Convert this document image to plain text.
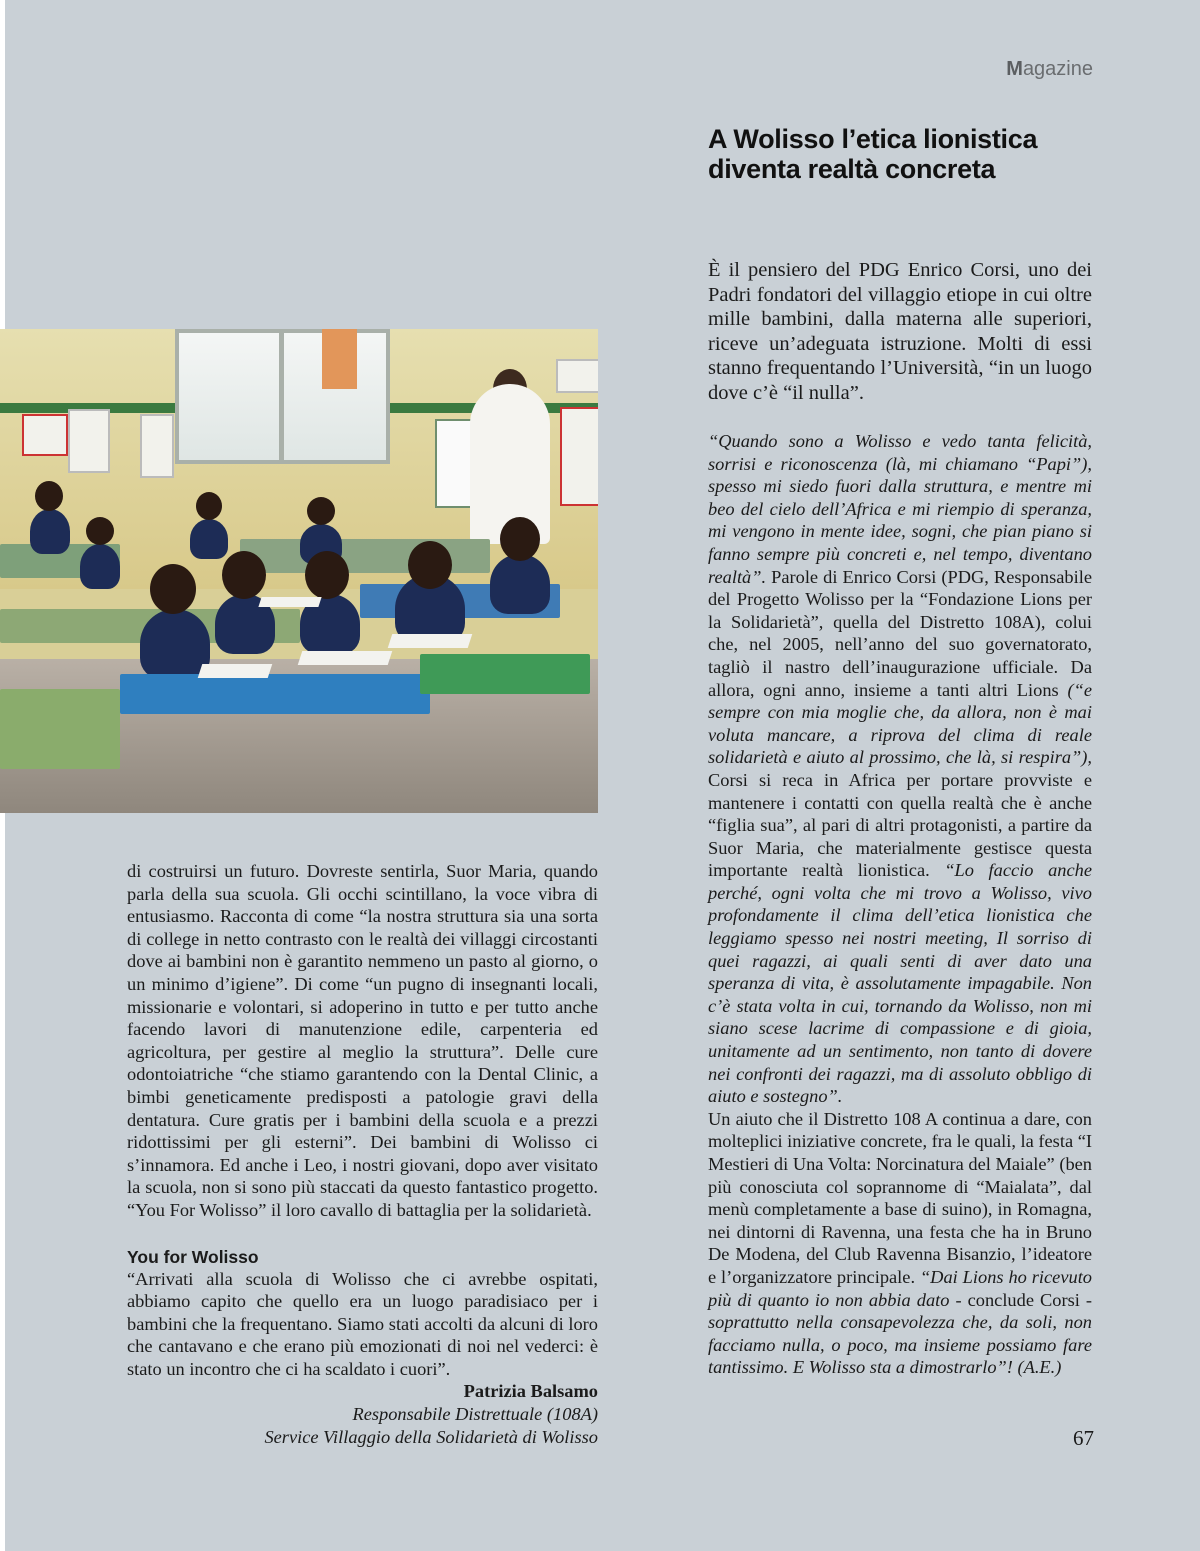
Magazine
A Wolisso l’etica lionistica
diventa realtà concreta

È il pensiero del PDG Enrico Corsi, uno dei Padri fondatori del villaggio etiope in cui oltre mille bambini, dalla materna alle superiori, riceve un’adeguata istruzione. Molti di essi stanno frequentando l’Università, “in un luogo dove c’è “il nulla”.

“Quando sono a Wolisso e vedo tanta felicità, sorrisi e riconoscenza (là, mi chiamano “Papi”), spesso mi siedo fuori dalla struttura, e mentre mi beo del cielo dell’Africa e mi riempio di speranza, mi vengono in mente idee, sogni, che pian piano si fanno sempre più concreti e, nel tempo, diventano realtà”. Parole di Enrico Corsi (PDG, Responsabile del Progetto Wolisso per la “Fondazione Lions per la Solidarietà”, quella del Distretto 108A), colui che, nel 2005, nell’anno del suo governatorato, tagliò il nastro dell’inaugurazione ufficiale. Da allora, ogni anno, insieme a tanti altri Lions (“e sempre con mia moglie che, da allora, non è mai voluta mancare, a riprova del clima di reale solidarietà e aiuto al prossimo, che là, si respira”), Corsi si reca in Africa per portare provviste e mantenere i contatti con quella realtà che è anche “figlia sua”, al pari di altri protagonisti, a partire da Suor Maria, che materialmente gestisce questa importante realtà lionistica. “Lo faccio anche perché, ogni volta che mi trovo a Wolisso, vivo profondamente il clima dell’etica lionistica che leggiamo spesso nei nostri meeting, Il sorriso di quei ragazzi, ai quali senti di aver dato una speranza di vita, è assolutamente impagabile. Non c’è stata volta in cui, tornando da Wolisso, non mi siano scese lacrime di compassione e di gioia, unitamente ad un sentimento, non tanto di dovere nei confronti dei ragazzi, ma di assoluto obbligo di aiuto e sostegno”.

Un aiuto che il Distretto 108 A continua a dare, con molteplici iniziative concrete, fra le quali, la festa “I Mestieri di Una Volta: Norcinatura del Maiale” (ben più conosciuta col soprannome di “Maialata”, dal menù completamente a base di suino), in Romagna, nei dintorni di Ravenna, una festa che ha in Bruno De Modena, del Club Ravenna Bisanzio, l’ideatore e l’organizzatore principale. “Dai Lions ho ricevuto più di quanto io non abbia dato - conclude Corsi - soprattutto nella consapevolezza che, da soli, non facciamo nulla, o poco, ma insieme possiamo fare tantissimo. E Wolisso sta a dimostrarlo”! (A.E.)

di costruirsi un futuro. Dovreste sentirla, Suor Maria, quando parla della sua scuola. Gli occhi scintillano, la voce vibra di entusiasmo. Racconta di come “la nostra struttura sia una sorta di college in netto contrasto con le realtà dei villaggi circostanti dove ai bambini non è garantito nemmeno un pasto al giorno, o un minimo d’igiene”. Di come “un pugno di insegnanti locali, missionarie e volontari, si adoperino in tutto e per tutto anche facendo lavori di manutenzione edile, carpenteria ed agricoltura, per gestire al meglio la struttura”. Delle cure odontoiatriche “che stiamo garantendo con la Dental Clinic, a bimbi geneticamente predisposti a patologie gravi della dentatura. Cure gratis per i bambini della scuola e a prezzi ridottissimi per gli esterni”. Dei bambini di Wolisso ci s’innamora. Ed anche i Leo, i nostri giovani, dopo aver visitato la scuola, non si sono più staccati da questo fantastico progetto. “You For Wolisso” il loro cavallo di battaglia per la solidarietà.

You for Wolisso

“Arrivati alla scuola di Wolisso che ci avrebbe ospitati, abbiamo capito che quello era un luogo paradisiaco per i bambini che la frequentano. Siamo stati accolti da alcuni di loro che cantavano e che erano più emozionati di noi nel vederci: è stato un incontro che ci ha scaldato i cuori”.

Patrizia Balsamo
Responsabile Distrettuale (108A)
Service Villaggio della Solidarietà di Wolisso	67
